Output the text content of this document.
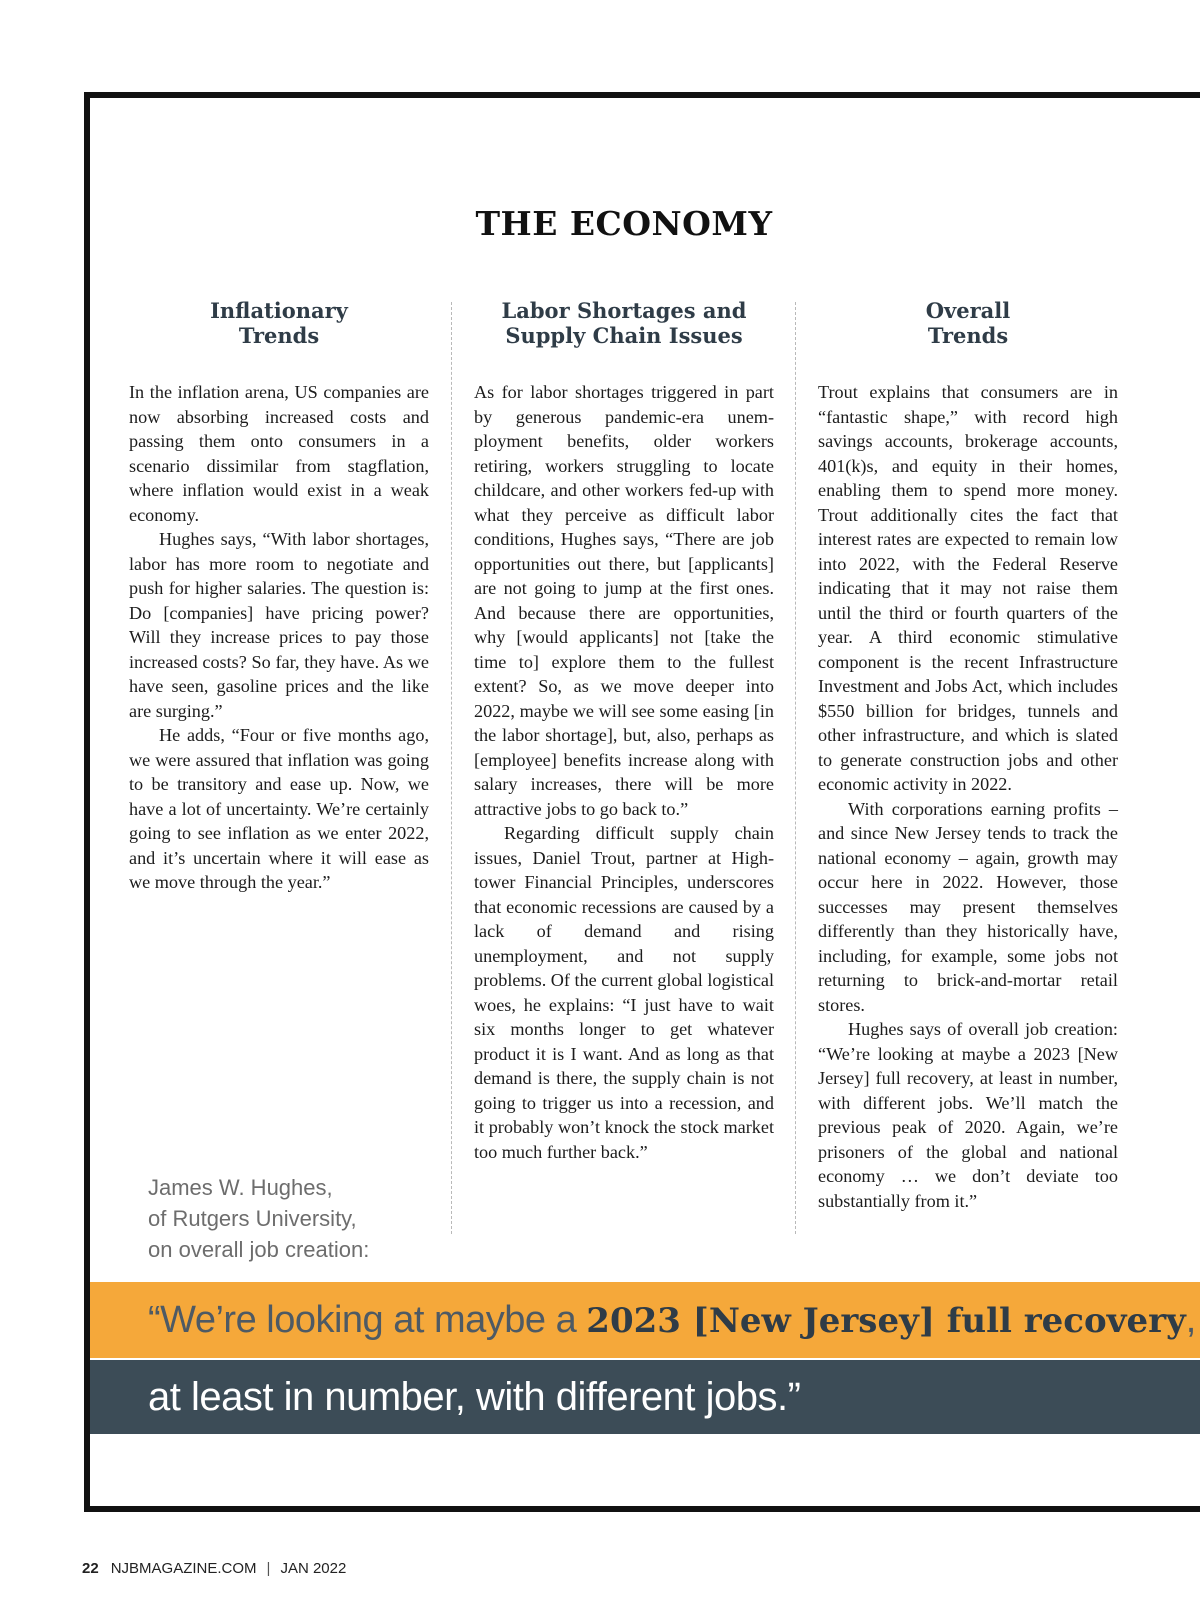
THE ECONOMY
Inflationary
Trends

In the inflation arena, US companies are now absorbing increased costs and passing them onto consumers in a scenario dissimilar from stagflation, where inflation would exist in a weak economy.

Hughes says, “With labor shortages, labor has more room to negotiate and push for higher salaries. The question is: Do [companies] have pricing power? Will they increase prices to pay those increased costs? So far, they have. As we have seen, gasoline prices and the like are surging.”

He adds, “Four or five months ago, we were assured that inflation was going to be transitory and ease up. Now, we have a lot of uncertainty. We’re certainly going to see inflation as we enter 2022, and it’s uncertain where it will ease as we move through the year.”

Labor Shortages and
Supply Chain Issues

As for labor shortages triggered in part by generous pandemic-era unemployment benefits, older workers retiring, workers struggling to locate childcare, and other workers fed-up with what they perceive as difficult labor conditions, Hughes says, “There are job opportunities out there, but [applicants] are not going to jump at the first ones. And because there are opportunities, why [would applicants] not [take the time to] explore them to the fullest extent? So, as we move deeper into 2022, maybe we will see some easing [in the labor shortage], but, also, perhaps as [employee] benefits increase along with salary increases, there will be more attractive jobs to go back to.”

Regarding difficult supply chain issues, Daniel Trout, partner at Hightower Financial Principles, underscores that economic recessions are caused by a lack of demand and rising unemployment, and not supply problems. Of the current global logistical woes, he explains: “I just have to wait six months longer to get whatever product it is I want. And as long as that demand is there, the supply chain is not going to trigger us into a recession, and it probably won’t knock the stock market too much further back.”

Overall
Trends

Trout explains that consumers are in “fantastic shape,” with record high savings accounts, brokerage accounts, 401(k)s, and equity in their homes, enabling them to spend more money. Trout additionally cites the fact that interest rates are expected to remain low into 2022, with the Federal Reserve indicating that it may not raise them until the third or fourth quarters of the year. A third economic stimulative component is the recent Infrastructure Investment and Jobs Act, which includes $550 billion for bridges, tunnels and other infrastructure, and which is slated to generate construction jobs and other economic activity in 2022.

With corporations earning profits – and since New Jersey tends to track the national economy – again, growth may occur here in 2022. However, those successes may present themselves differently than they historically have, including, for example, some jobs not returning to brick-and-mortar retail stores.

Hughes says of overall job creation: “We’re looking at maybe a 2023 [New Jersey] full recovery, at least in number, with different jobs. We’ll match the previous peak of 2020. Again, we’re prisoners of the global and national economy … we don’t deviate too substantially from it.”

James W. Hughes,
of Rutgers University,
on overall job creation:
“We’re looking at maybe a 2023 [New Jersey] full recovery,
at least in number, with different jobs.”
22 NJBMAGAZINE.COM | JAN 2022
